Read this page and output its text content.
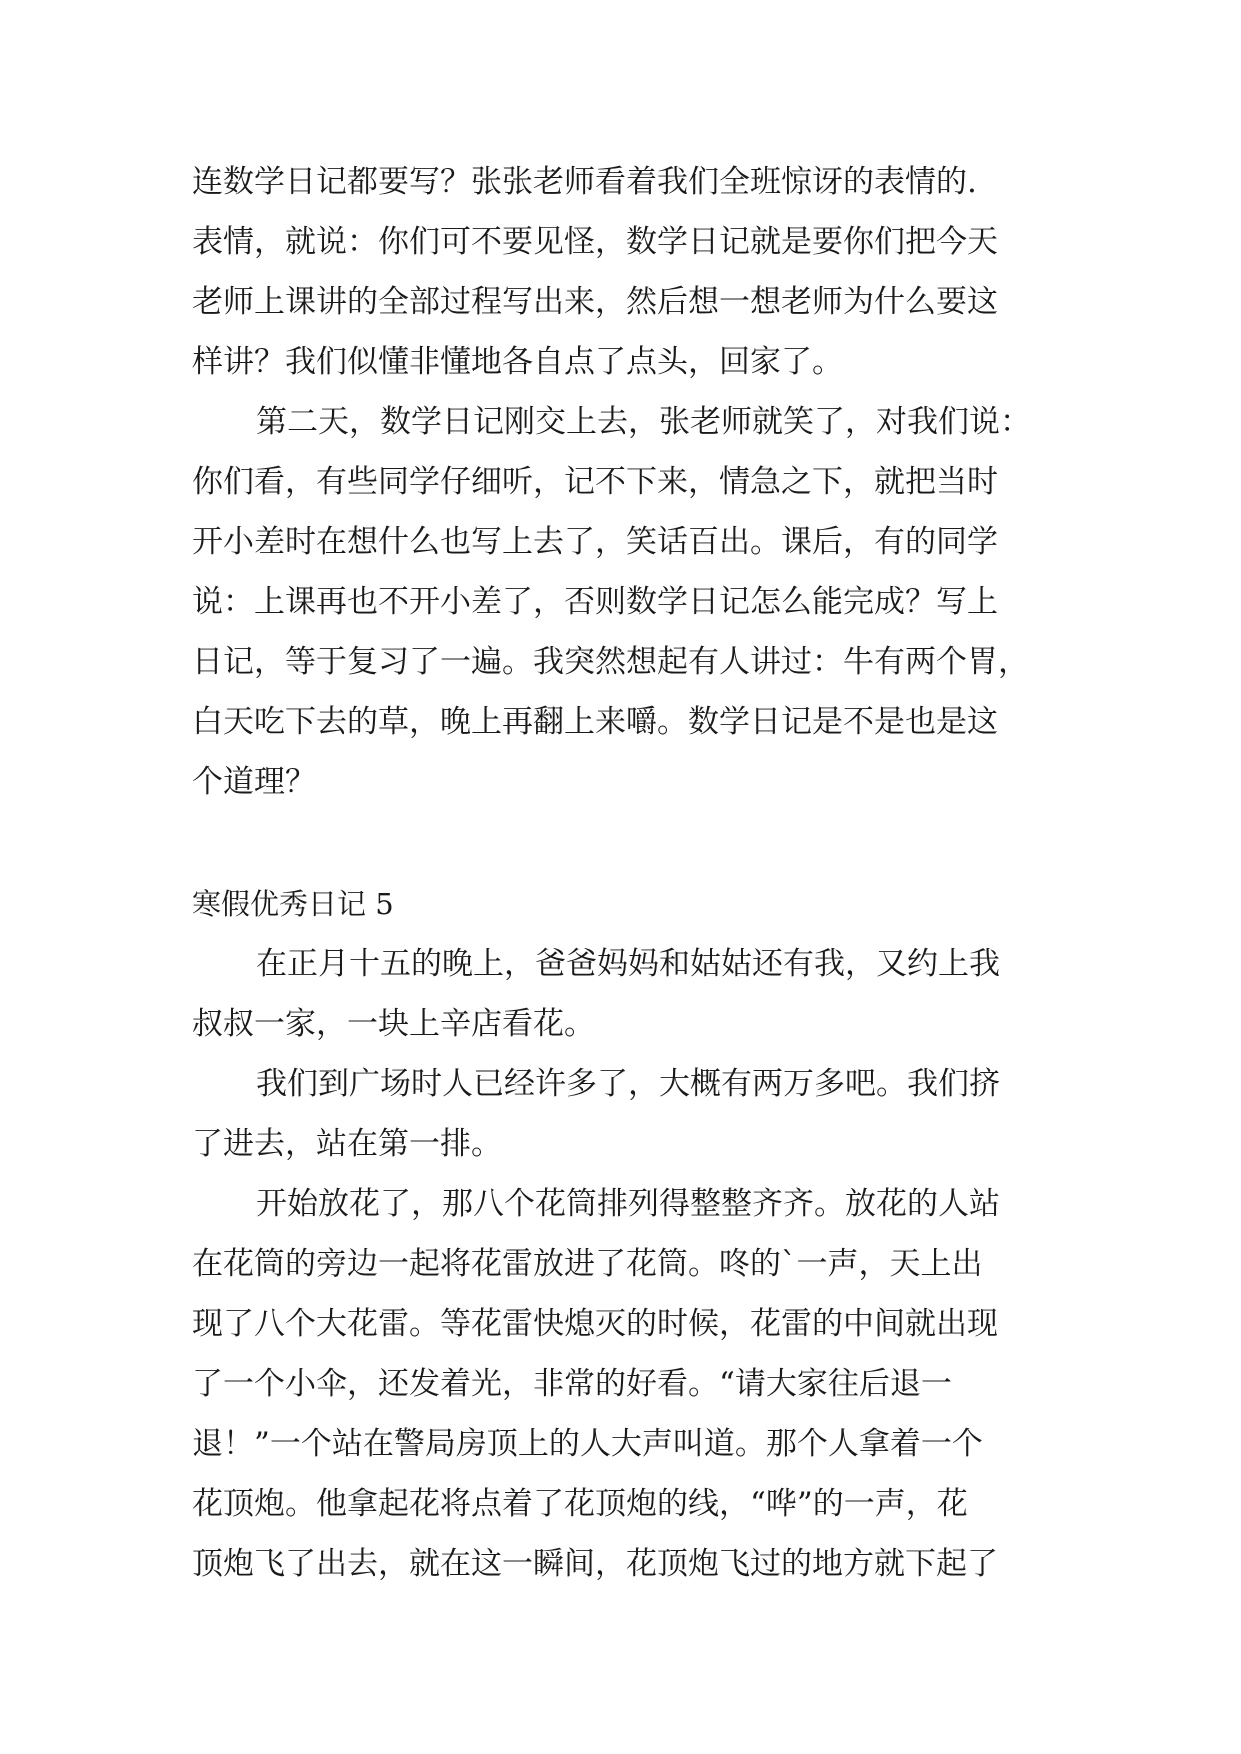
连数学日记都要写？张张老师看着我们全班惊讶的表情的.
表情，就说：你们可不要见怪，数学日记就是要你们把今天
老师上课讲的全部过程写出来，然后想一想老师为什么要这
样讲？我们似懂非懂地各自点了点头，回家了。
第二天，数学日记刚交上去，张老师就笑了，对我们说：
你们看，有些同学仔细听，记不下来，情急之下，就把当时
开小差时在想什么也写上去了，笑话百出。课后，有的同学
说：上课再也不开小差了，否则数学日记怎么能完成？写上
日记，等于复习了一遍。我突然想起有人讲过：牛有两个胃，
白天吃下去的草，晚上再翻上来嚼。数学日记是不是也是这
个道理？
寒假优秀日记 5
在正月十五的晚上，爸爸妈妈和姑姑还有我，又约上我
叔叔一家，一块上辛店看花。
我们到广场时人已经许多了，大概有两万多吧。我们挤
了进去，站在第一排。
开始放花了，那八个花筒排列得整整齐齐。放花的人站
在花筒的旁边一起将花雷放进了花筒。咚的`一声，天上出
现了八个大花雷。等花雷快熄灭的时候，花雷的中间就出现
了一个小伞，还发着光，非常的好看。“请大家往后退一
退！”一个站在警局房顶上的人大声叫道。那个人拿着一个
花顶炮。他拿起花将点着了花顶炮的线，“哗”的一声，花
顶炮飞了出去，就在这一瞬间，花顶炮飞过的地方就下起了
